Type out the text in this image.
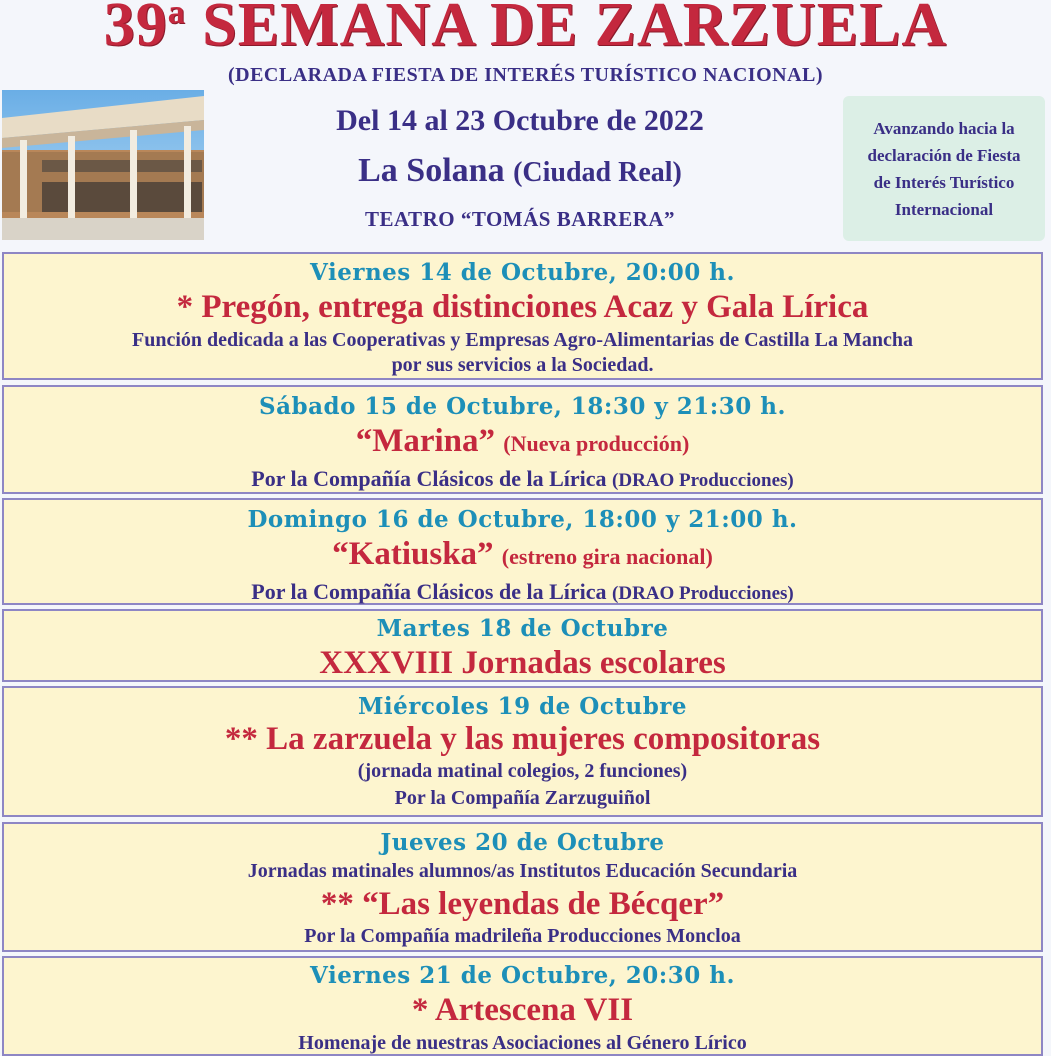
39$^a$ SEMANA DE ZARZUELA
(DECLARADA FIESTA DE INTERÉS TURÍSTICO NACIONAL)
Del 14 al 23 Octubre de 2022
La Solana (Ciudad Real)
TEATRO “TOMÁS BARRERA”
Avanzando hacia la
declaración de Fiesta
de Interés Turístico
Internacional
Viernes 14 de Octubre, 20:00 h.
* Pregón, entrega distinciones Acaz y Gala Lírica
Función dedicada a las Cooperativas y Empresas Agro-Alimentarias de Castilla La Mancha
por sus servicios a la Sociedad.
Sábado 15 de Octubre, 18:30 y 21:30 h.
“Marina” (Nueva producción)
Por la Compañía Clásicos de la Lírica (DRAO Producciones)
Domingo 16 de Octubre, 18:00 y 21:00 h.
“Katiuska” (estreno gira nacional)
Por la Compañía Clásicos de la Lírica (DRAO Producciones)
Martes 18 de Octubre
XXXVIII Jornadas escolares
Miércoles 19 de Octubre
** La zarzuela y las mujeres compositoras
(jornada matinal colegios, 2 funciones)
Por la Compañía Zarzuguiñol
Jueves 20 de Octubre
Jornadas matinales alumnos/as Institutos Educación Secundaria
** “Las leyendas de Bécqer”
Por la Compañía madrileña Producciones Moncloa
Viernes 21 de Octubre, 20:30 h.
* Artescena VII
Homenaje de nuestras Asociaciones al Género Lírico
